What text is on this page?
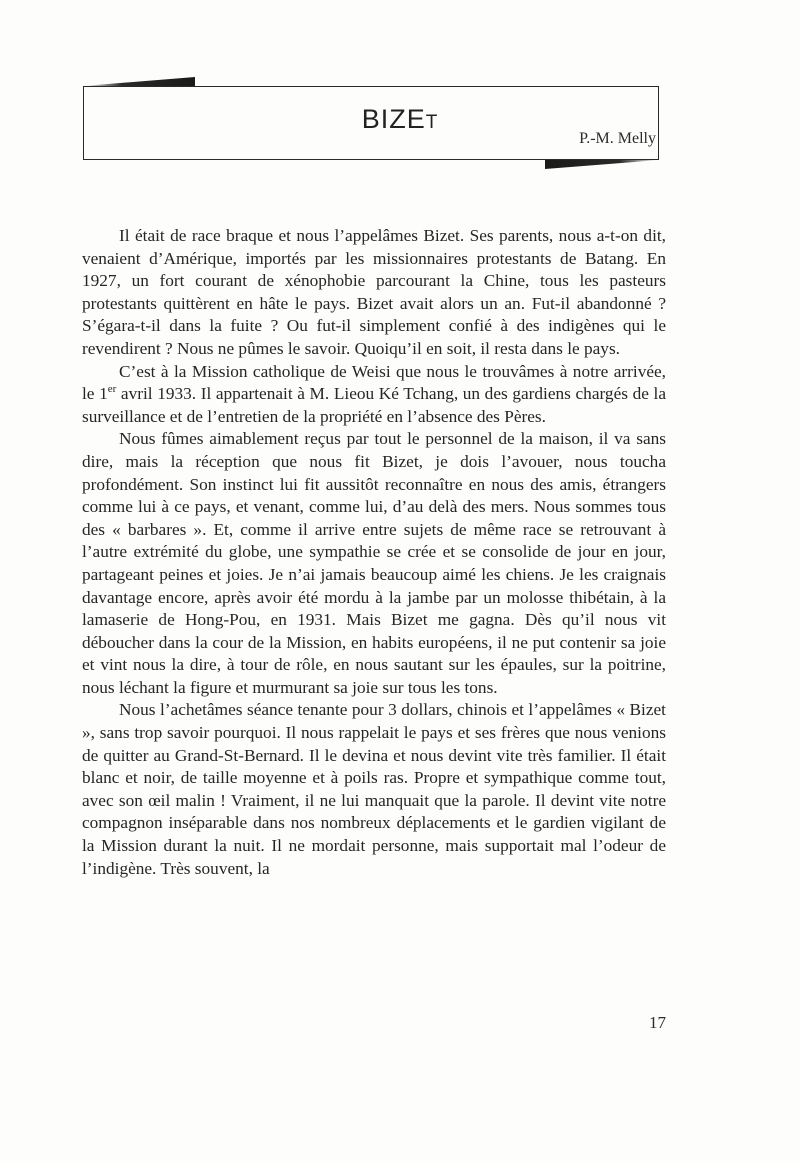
BIZEt
P.-M. Melly

Il était de race braque et nous l’appelâmes Bizet. Ses parents, nous a-t-on dit, venaient d’Amérique, importés par les missionnaires protestants de Batang. En 1927, un fort courant de xénophobie parcourant la Chine, tous les pasteurs protestants quittèrent en hâte le pays. Bizet avait alors un an. Fut-il abandonné ? S’égara-t-il dans la fuite ? Ou fut-il simplement confié à des indigènes qui le revendirent ? Nous ne pûmes le savoir. Quoiqu’il en soit, il resta dans le pays.

C’est à la Mission catholique de Weisi que nous le trouvâmes à notre arrivée, le 1er avril 1933. Il appartenait à M. Lieou Ké Tchang, un des gardiens chargés de la surveillance et de l’entretien de la propriété en l’absence des Pères.

Nous fûmes aimablement reçus par tout le personnel de la maison, il va sans dire, mais la réception que nous fit Bizet, je dois l’avouer, nous toucha profondément. Son instinct lui fit aussitôt reconnaître en nous des amis, étrangers comme lui à ce pays, et venant, comme lui, d’au delà des mers. Nous sommes tous des « barbares ». Et, comme il arrive entre sujets de même race se retrouvant à l’autre extrémité du globe, une sympathie se crée et se consolide de jour en jour, partageant peines et joies. Je n’ai jamais beaucoup aimé les chiens. Je les craignais davantage encore, après avoir été mordu à la jambe par un molosse thibétain, à la lamaserie de Hong-Pou, en 1931. Mais Bizet me gagna. Dès qu’il nous vit déboucher dans la cour de la Mission, en habits européens, il ne put contenir sa joie et vint nous la dire, à tour de rôle, en nous sautant sur les épaules, sur la poitrine, nous léchant la figure et murmurant sa joie sur tous les tons.

Nous l’achetâmes séance tenante pour 3 dollars, chinois et l’appelâmes « Bizet », sans trop savoir pourquoi. Il nous rappelait le pays et ses frères que nous venions de quitter au Grand-St-Bernard. Il le devina et nous devint vite très familier. Il était blanc et noir, de taille moyenne et à poils ras. Propre et sympathique comme tout, avec son œil malin ! Vraiment, il ne lui manquait que la parole. Il devint vite notre compagnon inséparable dans nos nombreux déplacements et le gardien vigilant de la Mission durant la nuit. Il ne mordait personne, mais supportait mal l’odeur de l’indigène. Très souvent, la

17
